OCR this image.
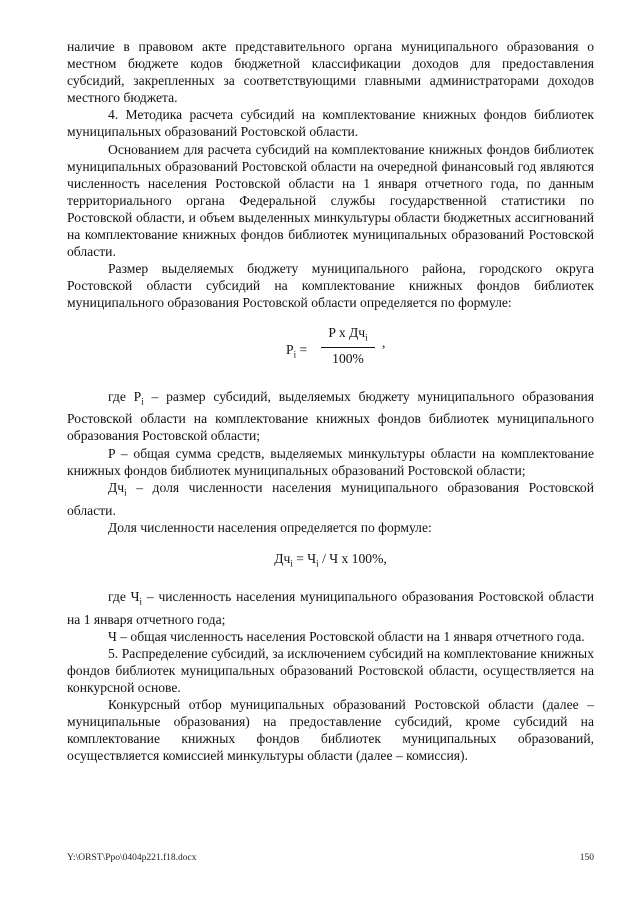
наличие в правовом акте представительного органа муниципального образования о местном бюджете кодов бюджетной классификации доходов для предоставления субсидий, закрепленных за соответствующими главными администраторами доходов местного бюджета.

4. Методика расчета субсидий на комплектование книжных фондов библиотек муниципальных образований Ростовской области.

Основанием для расчета субсидий на комплектование книжных фондов библиотек муниципальных образований Ростовской области на очередной финансовый год являются численность населения Ростовской области на 1 января отчетного года, по данным территориального органа Федеральной службы государственной статистики по Ростовской области, и объем выделенных минкультуры области бюджетных ассигнований на комплектование книжных фондов библиотек муниципальных образований Ростовской области.

Размер выделяемых бюджету муниципального района, городского округа Ростовской области субсидий на комплектование книжных фондов библиотек муниципального образования Ростовской области определяется по формуле:

$P_i$ =
P x $Дч_i$
100%
,

где $P_i$ – размер субсидий, выделяемых бюджету муниципального образования Ростовской области на комплектование книжных фондов библиотек муниципального образования Ростовской области;

P – общая сумма средств, выделяемых минкультуры области на комплектование книжных фондов библиотек муниципальных образований Ростовской области;

$Дч_i$ – доля численности населения муниципального образования Ростовской области.

Доля численности населения определяется по формуле:

$Дч_i = Ч_i / Ч$ x 100%,

где $Ч_i$ – численность населения муниципального образования Ростовской области на 1 января отчетного года;

Ч – общая численность населения Ростовской области на 1 января отчетного года.

5. Распределение субсидий, за исключением субсидий на комплектование книжных фондов библиотек муниципальных образований Ростовской области, осуществляется на конкурсной основе.

Конкурсный отбор муниципальных образований Ростовской области (далее – муниципальные образования) на предоставление субсидий, кроме субсидий на комплектование книжных фондов библиотек муниципальных образований, осуществляется комиссией минкультуры области (далее – комиссия).

Y:\ORST\Ppo\0404p221.f18.docx	150
